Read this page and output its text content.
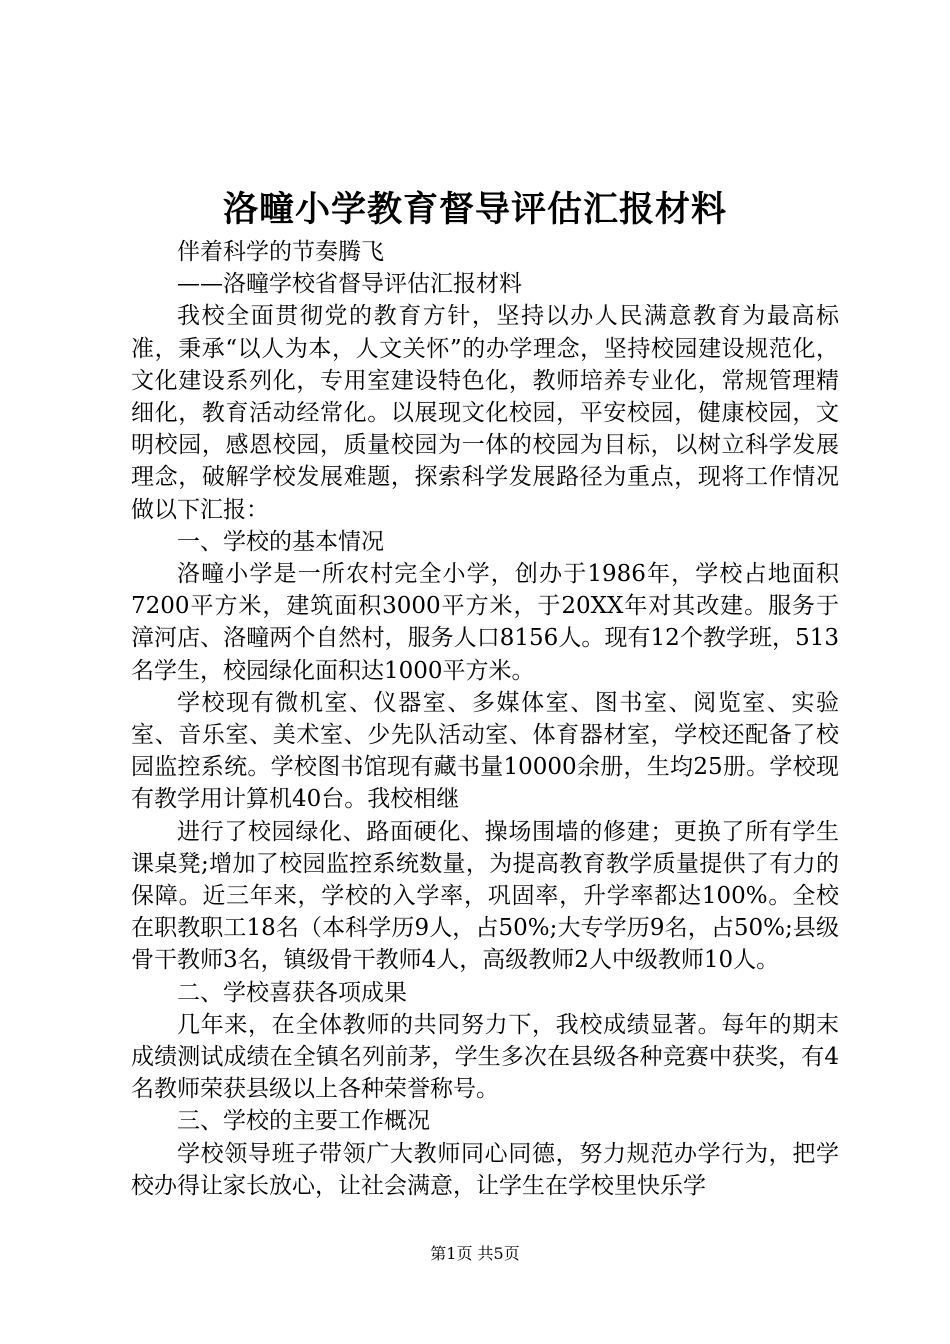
洛疃小学教育督导评估汇报材料

伴着科学的节奏腾飞

——洛疃学校省督导评估汇报材料

我校全面贯彻党的教育方针，坚持以办人民满意教育为最高标准，秉承“以人为本，人文关怀”的办学理念，坚持校园建设规范化，文化建设系列化，专用室建设特色化，教师培养专业化，常规管理精细化，教育活动经常化。以展现文化校园，平安校园，健康校园，文明校园，感恩校园，质量校园为一体的校园为目标，以树立科学发展理念，破解学校发展难题，探索科学发展路径为重点，现将工作情况做以下汇报：

一、学校的基本情况

洛疃小学是一所农村完全小学，创办于1986年，学校占地面积7200平方米，建筑面积3000平方米，于20XX年对其改建。服务于漳河店、洛疃两个自然村，服务人口8156人。现有12个教学班，513名学生，校园绿化面积达1000平方米。

学校现有微机室、仪器室、多媒体室、图书室、阅览室、实验室、音乐室、美术室、少先队活动室、体育器材室，学校还配备了校园监控系统。学校图书馆现有藏书量10000余册，生均25册。学校现有教学用计算机40台。我校相继

进行了校园绿化、路面硬化、操场围墙的修建；更换了所有学生课桌凳;增加了校园监控系统数量，为提高教育教学质量提供了有力的保障。近三年来，学校的入学率，巩固率，升学率都达100%。全校在职教职工18名（本科学历9人，占50%;大专学历9名，占50%;县级骨干教师3名，镇级骨干教师4人，高级教师2人中级教师10人。

二、学校喜获各项成果

几年来，在全体教师的共同努力下，我校成绩显著。每年的期末成绩测试成绩在全镇名列前茅，学生多次在县级各种竞赛中获奖，有4名教师荣获县级以上各种荣誉称号。

三、学校的主要工作概况

学校领导班子带领广大教师同心同德，努力规范办学行为，把学校办得让家长放心，让社会满意，让学生在学校里快乐学

第1页 共5页
